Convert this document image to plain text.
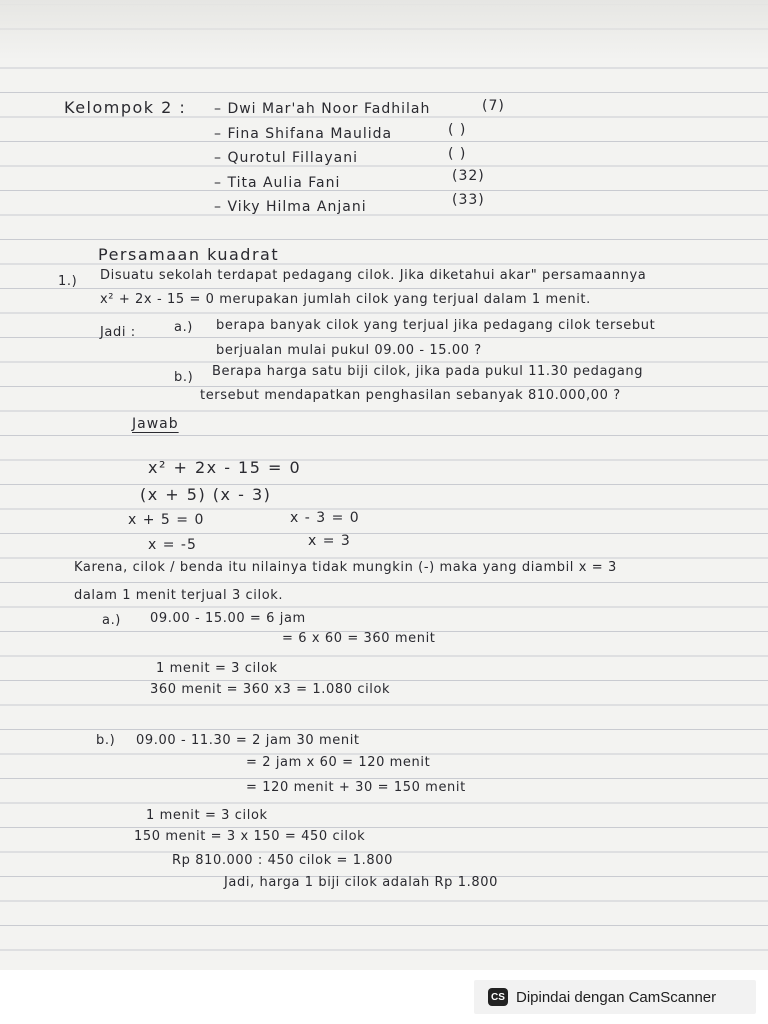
Kelompok 2 : – Dwi Mar'ah Noor Fadhilah	(7)
– Fina Shifana Maulida	( )
– Qurotul Fillayani	( )
– Tita Aulia Fani	(32)
– Viky Hilma Anjani	(33)
Persamaan kuadrat
1.) Disuatu sekolah terdapat pedagang cilok. Jika diketahui akar" persamaannya
x² + 2x - 15 = 0 merupakan jumlah cilok yang terjual dalam 1 menit.
Jadi :	a.) berapa banyak cilok yang terjual jika pedagang cilok tersebut
berjualan mulai pukul 09.00 - 15.00 ?
b.) Berapa harga satu biji cilok, jika pada pukul 11.30 pedagang
tersebut mendapatkan penghasilan sebanyak 810.000,00 ?
Jawab
x² + 2x - 15 = 0
(x + 5) (x - 3)
x + 5 = 0
x = -5
x - 3 = 0
x = 3
Karena, cilok / benda itu nilainya tidak mungkin (-) maka yang diambil x = 3
dalam 1 menit terjual 3 cilok.
a.) 09.00 - 15.00 = 6 jam
= 6 x 60 = 360 menit
1 menit = 3 cilok
360 menit = 360 x3 = 1.080 cilok
b.) 09.00 - 11.30 = 2 jam 30 menit
= 2 jam x 60 = 120 menit
= 120 menit + 30 = 150 menit
1 menit = 3 cilok
150 menit = 3 x 150 = 450 cilok
Rp 810.000 : 450 cilok = 1.800
Jadi, harga 1 biji cilok adalah Rp 1.800
CS Dipindai dengan CamScanner
